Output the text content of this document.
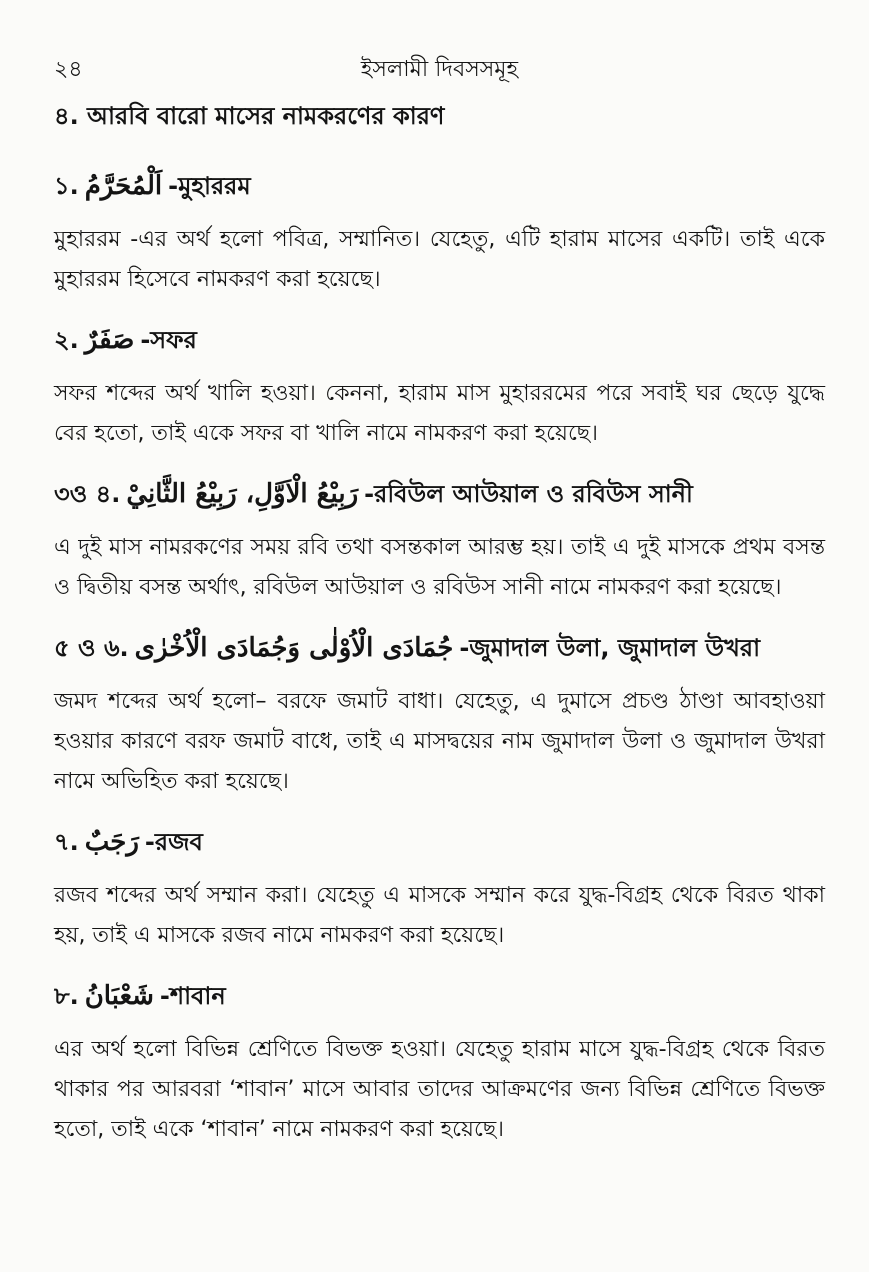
২৪	ইসলামী দিবসসমূহ
৪. আরবি বারো মাসের নামকরণের কারণ
১. اَلْمُحَرَّمُ -মুহাররম

মুহাররম -এর অর্থ হলো পবিত্র, সম্মানিত। যেহেতু, এটি হারাম মাসের একটি। তাই একে মুহাররম হিসেবে নামকরণ করা হয়েছে।

২. صَفَرٌ -সফর

সফর শব্দের অর্থ খালি হওয়া। কেননা, হারাম মাস মুহাররমের পরে সবাই ঘর ছেড়ে যুদ্ধে বের হতো, তাই একে সফর বা খালি নামে নামকরণ করা হয়েছে।

৩ও ৪. رَبِيْعُ الْاَوَّلِ، رَبِيْعُ الثَّانِيْ -রবিউল আউয়াল ও রবিউস সানী

এ দুই মাস নামরকণের সময় রবি তথা বসন্তকাল আরম্ভ হয়। তাই এ দুই মাসকে প্রথম বসন্ত ও দ্বিতীয় বসন্ত অর্থাৎ, রবিউল আউয়াল ও রবিউস সানী নামে নামকরণ করা হয়েছে।

৫ ও ৬. جُمَادَى الْاُوْلٰى وَجُمَادَى الْاُخْرٰى -জুমাদাল উলা, জুমাদাল উখরা

জমদ শব্দের অর্থ হলো– বরফে জমাট বাধা। যেহেতু, এ দুমাসে প্রচণ্ড ঠাণ্ডা আবহাওয়া হওয়ার কারণে বরফ জমাট বাধে, তাই এ মাসদ্বয়ের নাম জুমাদাল উলা ও জুমাদাল উখরা নামে অভিহিত করা হয়েছে।

৭. رَجَبٌ -রজব

রজব শব্দের অর্থ সম্মান করা। যেহেতু এ মাসকে সম্মান করে যুদ্ধ-বিগ্রহ থেকে বিরত থাকা হয়, তাই এ মাসকে রজব নামে নামকরণ করা হয়েছে।

৮. شَعْبَانُ -শাবান

এর অর্থ হলো বিভিন্ন শ্রেণিতে বিভক্ত হওয়া। যেহেতু হারাম মাসে যুদ্ধ-বিগ্রহ থেকে বিরত থাকার পর আরবরা ‘শাবান’ মাসে আবার তাদের আক্রমণের জন্য বিভিন্ন শ্রেণিতে বিভক্ত হতো, তাই একে ‘শাবান’ নামে নামকরণ করা হয়েছে।
